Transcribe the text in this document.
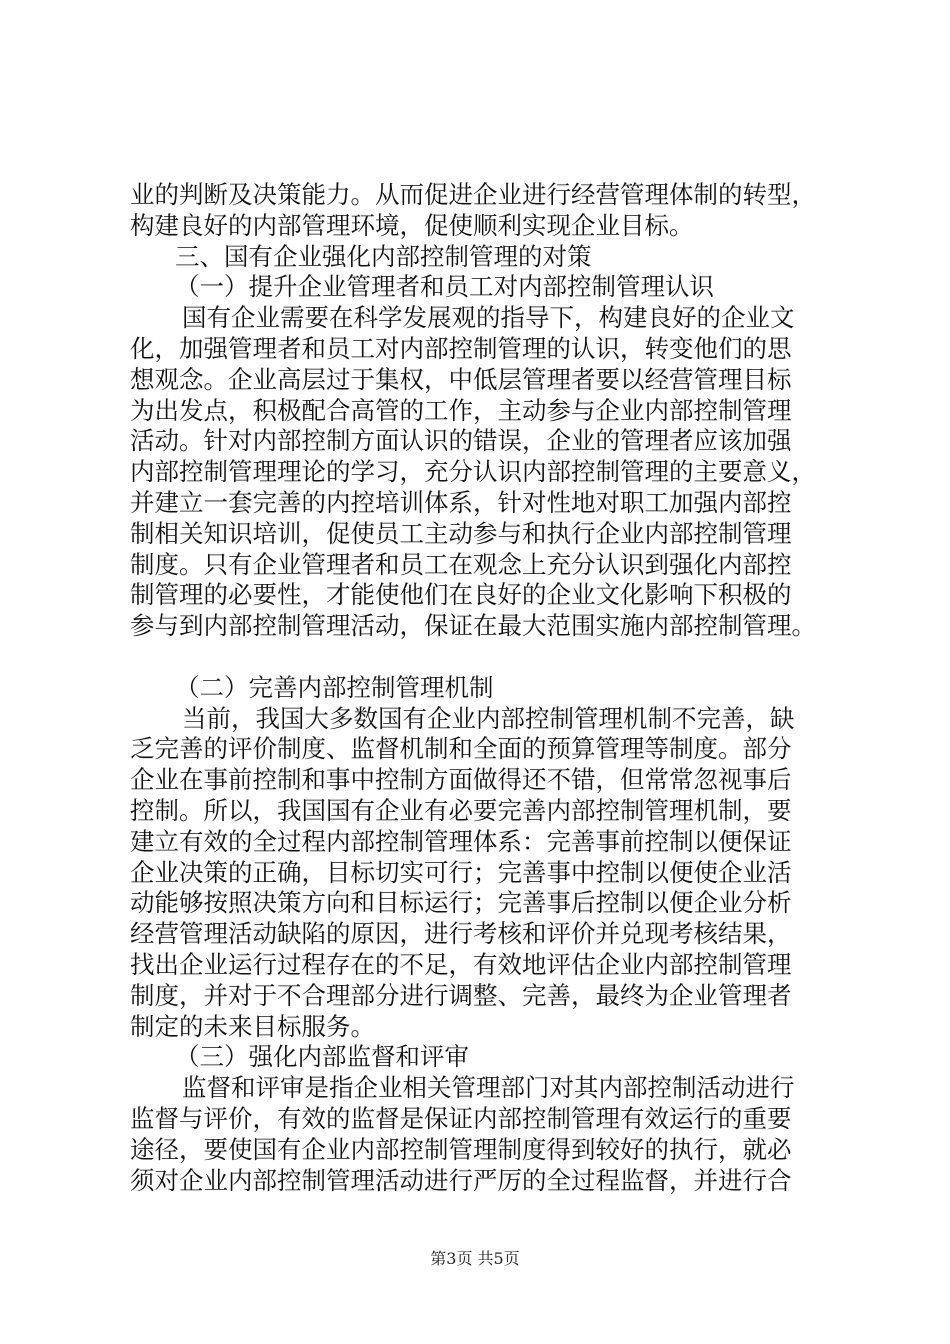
业的判断及决策能力。从而促进企业进行经营管理体制的转型，
构建良好的内部管理环境，促使顺利实现企业目标。
三、国有企业强化内部控制管理的对策
（一）提升企业管理者和员工对内部控制管理认识
国有企业需要在科学发展观的指导下，构建良好的企业文
化，加强管理者和员工对内部控制管理的认识，转变他们的思
想观念。企业高层过于集权，中低层管理者要以经营管理目标
为出发点，积极配合高管的工作，主动参与企业内部控制管理
活动。针对内部控制方面认识的错误，企业的管理者应该加强
内部控制管理理论的学习，充分认识内部控制管理的主要意义，
并建立一套完善的内控培训体系，针对性地对职工加强内部控
制相关知识培训，促使员工主动参与和执行企业内部控制管理
制度。只有企业管理者和员工在观念上充分认识到强化内部控
制管理的必要性，才能使他们在良好的企业文化影响下积极的
参与到内部控制管理活动，保证在最大范围实施内部控制管理。
（二）完善内部控制管理机制
当前，我国大多数国有企业内部控制管理机制不完善，缺
乏完善的评价制度、监督机制和全面的预算管理等制度。部分
企业在事前控制和事中控制方面做得还不错，但常常忽视事后
控制。所以，我国国有企业有必要完善内部控制管理机制，要
建立有效的全过程内部控制管理体系：完善事前控制以便保证
企业决策的正确，目标切实可行；完善事中控制以便使企业活
动能够按照决策方向和目标运行；完善事后控制以便企业分析
经营管理活动缺陷的原因，进行考核和评价并兑现考核结果，
找出企业运行过程存在的不足，有效地评估企业内部控制管理
制度，并对于不合理部分进行调整、完善，最终为企业管理者
制定的未来目标服务。
（三）强化内部监督和评审
监督和评审是指企业相关管理部门对其内部控制活动进行
监督与评价，有效的监督是保证内部控制管理有效运行的重要
途径，要使国有企业内部控制管理制度得到较好的执行，就必
须对企业内部控制管理活动进行严厉的全过程监督，并进行合
第3页 共5页
